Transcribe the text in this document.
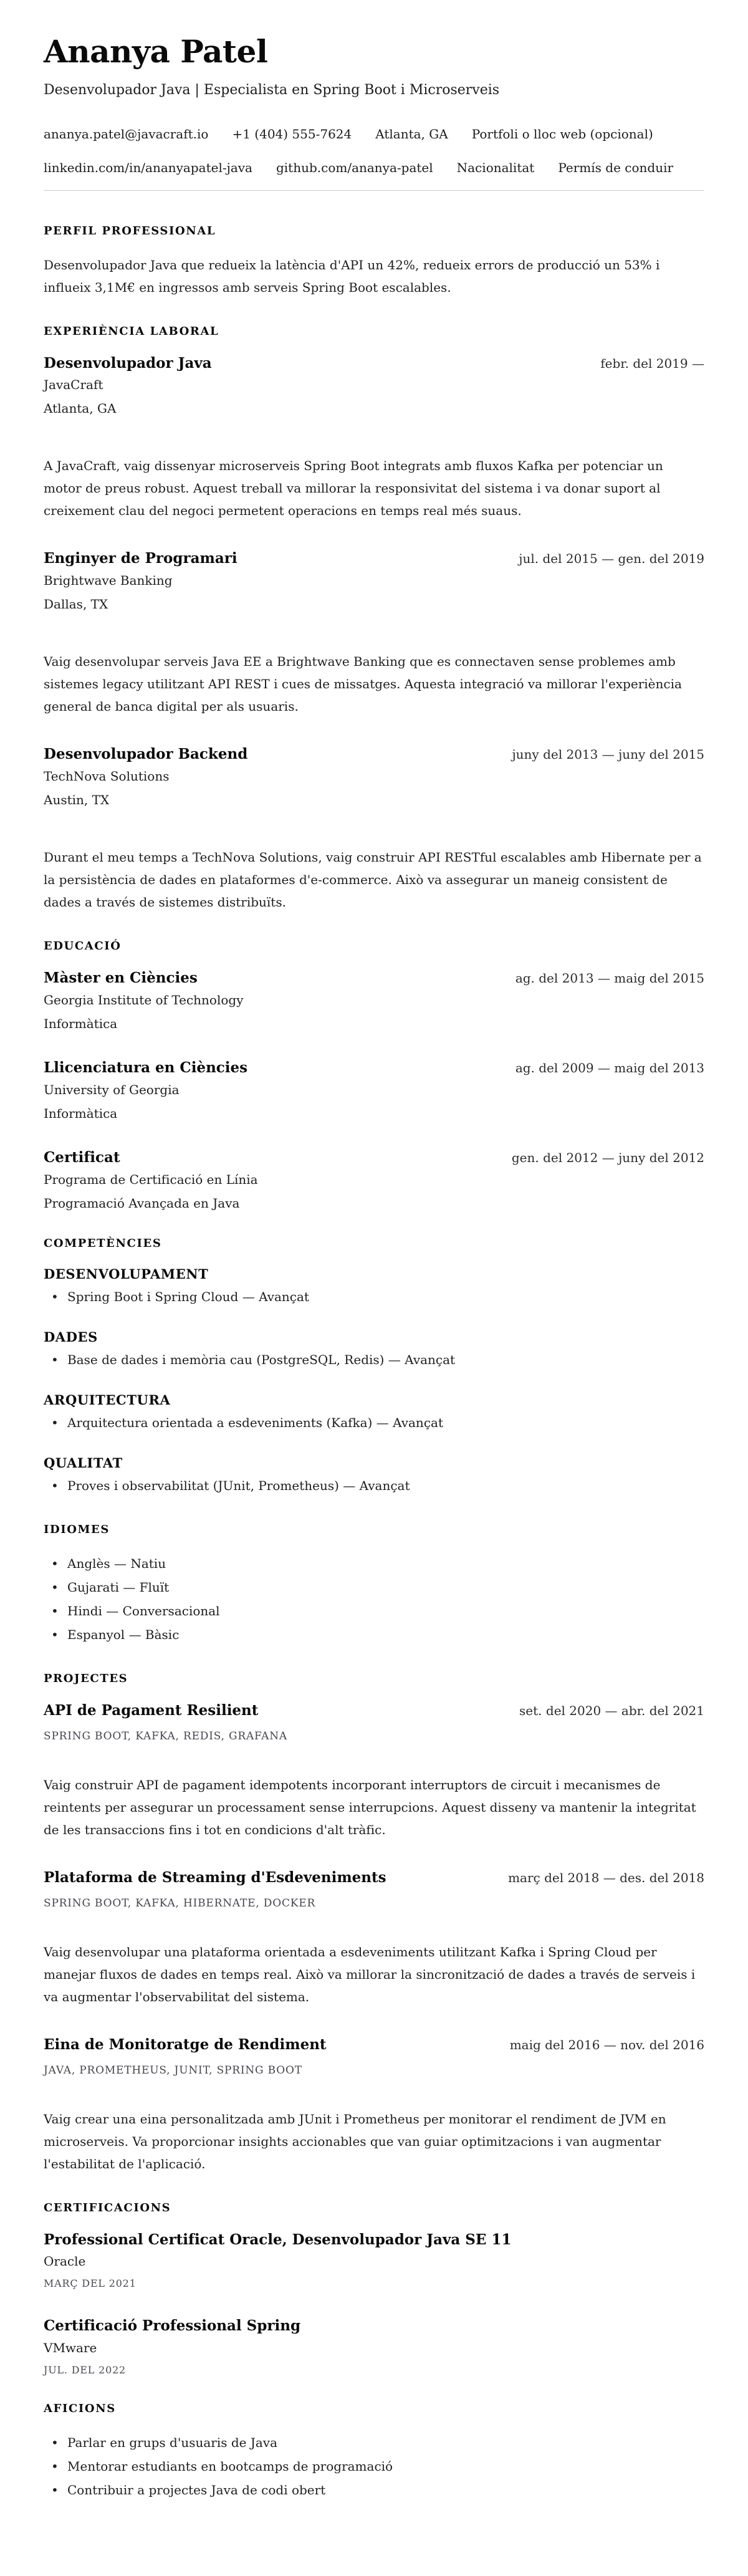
Ananya Patel

Desenvolupador Java | Especialista en Spring Boot i Microserveis

ananya.patel@javacraft.io +1 (404) 555-7624 Atlanta, GA Portfoli o lloc web (opcional)
linkedin.com/in/ananyapatel-java github.com/ananya-patel Nacionalitat Permís de conduir
PERFIL PROFESSIONAL

Desenvolupador Java que redueix la latència d'API un 42%, redueix errors de producció un 53% i influeix 3,1M€ en ingressos amb serveis Spring Boot escalables.

EXPERIÈNCIA LABORAL
Desenvolupador Java	febr. del 2019 —

JavaCraft

Atlanta, GA

A JavaCraft, vaig dissenyar microserveis Spring Boot integrats amb fluxos Kafka per potenciar un motor de preus robust. Aquest treball va millorar la responsivitat del sistema i va donar suport al creixement clau del negoci permetent operacions en temps real més suaus.

Enginyer de Programari	jul. del 2015 — gen. del 2019

Brightwave Banking

Dallas, TX

Vaig desenvolupar serveis Java EE a Brightwave Banking que es connectaven sense problemes amb sistemes legacy utilitzant API REST i cues de missatges. Aquesta integració va millorar l'experiència general de banca digital per als usuaris.

Desenvolupador Backend	juny del 2013 — juny del 2015

TechNova Solutions

Austin, TX

Durant el meu temps a TechNova Solutions, vaig construir API RESTful escalables amb Hibernate per a la persistència de dades en plataformes d'e-commerce. Això va assegurar un maneig consistent de dades a través de sistemes distribuïts.

EDUCACIÓ
Màster en Ciències	ag. del 2013 — maig del 2015

Georgia Institute of Technology

Informàtica

Llicenciatura en Ciències	ag. del 2009 — maig del 2013

University of Georgia

Informàtica

Certificat	gen. del 2012 — juny del 2012

Programa de Certificació en Línia

Programació Avançada en Java

COMPETÈNCIES
DESENVOLUPAMENT
• Spring Boot i Spring Cloud — Avançat
DADES
• Base de dades i memòria cau (PostgreSQL, Redis) — Avançat
ARQUITECTURA
• Arquitectura orientada a esdeveniments (Kafka) — Avançat
QUALITAT
• Proves i observabilitat (JUnit, Prometheus) — Avançat
IDIOMES
• Anglès — Natiu
• Gujarati — Fluït
• Hindi — Conversacional
• Espanyol — Bàsic
PROJECTES
API de Pagament Resilient	set. del 2020 — abr. del 2021

SPRING BOOT, KAFKA, REDIS, GRAFANA

Vaig construir API de pagament idempotents incorporant interruptors de circuit i mecanismes de reintents per assegurar un processament sense interrupcions. Aquest disseny va mantenir la integritat de les transaccions fins i tot en condicions d'alt tràfic.

Plataforma de Streaming d'Esdeveniments	març del 2018 — des. del 2018

SPRING BOOT, KAFKA, HIBERNATE, DOCKER

Vaig desenvolupar una plataforma orientada a esdeveniments utilitzant Kafka i Spring Cloud per manejar fluxos de dades en temps real. Això va millorar la sincronització de dades a través de serveis i va augmentar l'observabilitat del sistema.

Eina de Monitoratge de Rendiment	maig del 2016 — nov. del 2016

JAVA, PROMETHEUS, JUNIT, SPRING BOOT

Vaig crear una eina personalitzada amb JUnit i Prometheus per monitorar el rendiment de JVM en microserveis. Va proporcionar insights accionables que van guiar optimitzacions i van augmentar l'estabilitat de l'aplicació.

CERTIFICACIONS
Professional Certificat Oracle, Desenvolupador Java SE 11

Oracle

MARÇ DEL 2021

Certificació Professional Spring

VMware

JUL. DEL 2022

AFICIONS
• Parlar en grups d'usuaris de Java
• Mentorar estudiants en bootcamps de programació
• Contribuir a projectes Java de codi obert
